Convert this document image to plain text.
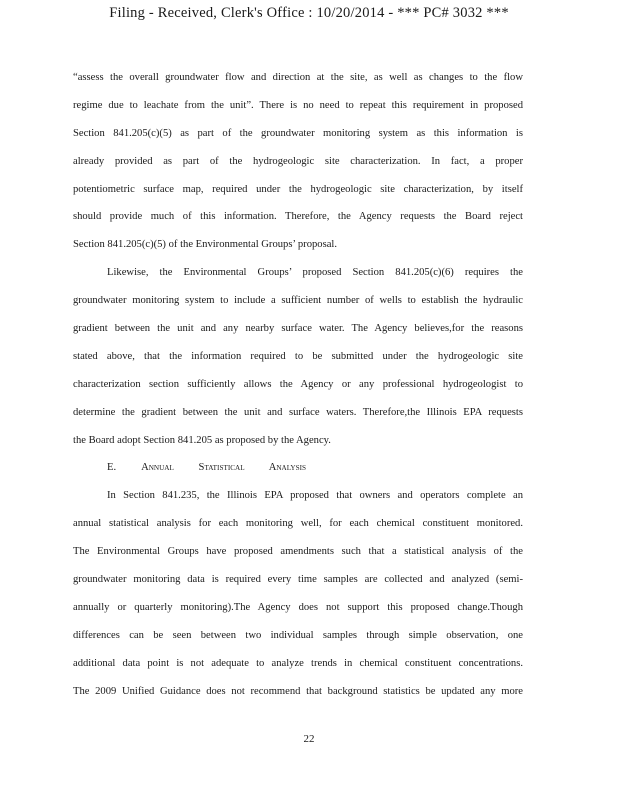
Filing - Received, Clerk's Office : 10/20/2014 - *** PC# 3032 ***
“assess the overall groundwater flow and direction at the site, as well as changes to the flow
regime due to leachate from the unit”. There is no need to repeat this requirement in proposed
Section 841.205(c)(5) as part of the groundwater monitoring system as this information is
already provided as part of the hydrogeologic site characterization. In fact, a proper
potentiometric surface map, required under the hydrogeologic site characterization, by itself
should provide much of this information. Therefore, the Agency requests the Board reject
Section 841.205(c)(5) of the Environmental Groups’ proposal.
Likewise, the Environmental Groups’ proposed Section 841.205(c)(6) requires the
groundwater monitoring system to include a sufficient number of wells to establish the hydraulic
gradient between the unit and any nearby surface water. The Agency believes,for the reasons
stated above, that the information required to be submitted under the hydrogeologic site
characterization section sufficiently allows the Agency or any professional hydrogeologist to
determine the gradient between the unit and surface waters. Therefore,the Illinois EPA requests
the Board adopt Section 841.205 as proposed by the Agency.
E. ANNUAL STATISTICAL ANALYSIS
In Section 841.235, the Illinois EPA proposed that owners and operators complete an
annual statistical analysis for each monitoring well, for each chemical constituent monitored.
The Environmental Groups have proposed amendments such that a statistical analysis of the
groundwater monitoring data is required every time samples are collected and analyzed (semi-
annually or quarterly monitoring).The Agency does not support this proposed change.Though
differences can be seen between two individual samples through simple observation, one
additional data point is not adequate to analyze trends in chemical constituent concentrations.
The 2009 Unified Guidance does not recommend that background statistics be updated any more
22
